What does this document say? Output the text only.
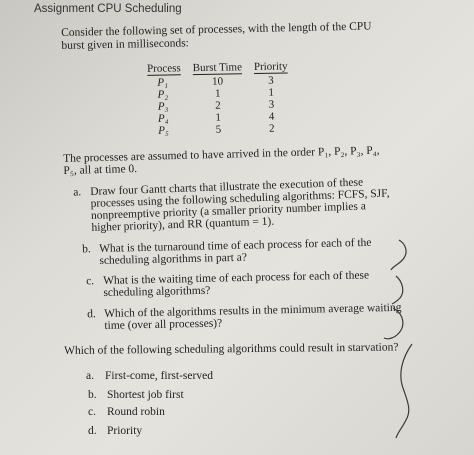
Assignment CPU Scheduling
Consider the following set of processes, with the length of the CPU burst given in milliseconds:
Process	Burst Time	Priority
P₁	10	3
P₂	1	1
P₃	2	3
P₄	1	4
P₅	5	2
The processes are assumed to have arrived in the order P₁, P₂, P₃, P₄, P₅, all at time 0.
a. Draw four Gantt charts that illustrate the execution of these processes using the following scheduling algorithms: FCFS, SJF, nonpreemptive priority (a smaller priority number implies a higher priority), and RR (quantum = 1).
b. What is the turnaround time of each process for each of the scheduling algorithms in part a?
c. What is the waiting time of each process for each of these scheduling algorithms?
d. Which of the algorithms results in the minimum average waiting time (over all processes)?
Which of the following scheduling algorithms could result in starvation?
a. First-come, first-served
b. Shortest job first
c. Round robin
d. Priority
